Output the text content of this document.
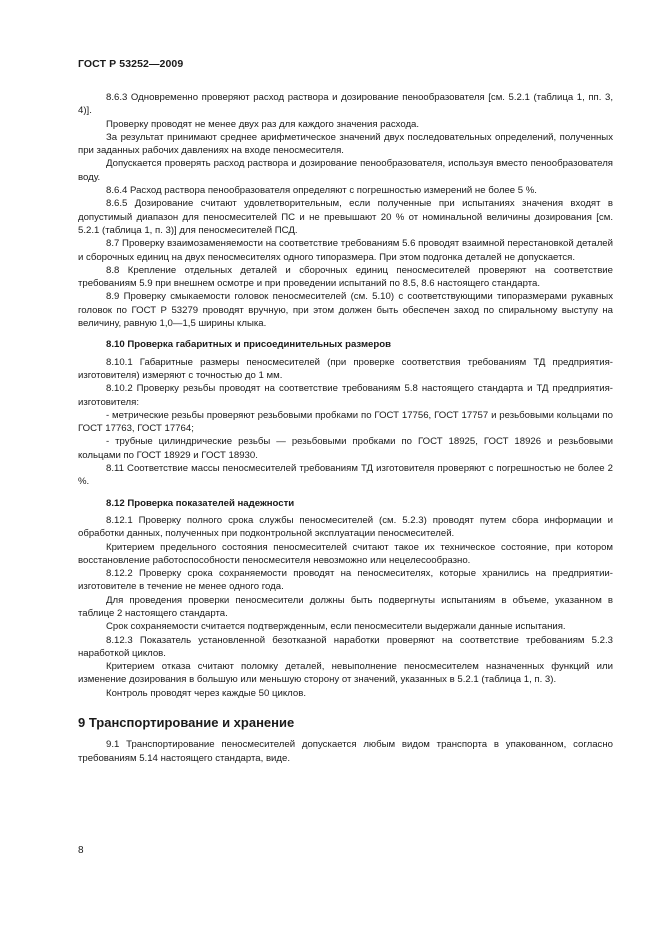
ГОСТ Р 53252—2009

8.6.3 Одновременно проверяют расход раствора и дозирование пенообразователя [см. 5.2.1 (таблица 1, пп. 3, 4)].

Проверку проводят не менее двух раз для каждого значения расхода.

За результат принимают среднее арифметическое значений двух последовательных определений, полученных при заданных рабочих давлениях на входе пеносмесителя.

Допускается проверять расход раствора и дозирование пенообразователя, используя вместо пенообразователя воду.

8.6.4 Расход раствора пенообразователя определяют с погрешностью измерений не более 5 %.

8.6.5 Дозирование считают удовлетворительным, если полученные при испытаниях значения входят в допустимый диапазон для пеносмесителей ПС и не превышают 20 % от номинальной величины дозирования [см. 5.2.1 (таблица 1, п. 3)] для пеносмесителей ПСД.

8.7 Проверку взаимозаменяемости на соответствие требованиям 5.6 проводят взаимной перестановкой деталей и сборочных единиц на двух пеносмесителях одного типоразмера. При этом подгонка деталей не допускается.

8.8 Крепление отдельных деталей и сборочных единиц пеносмесителей проверяют на соответствие требованиям 5.9 при внешнем осмотре и при проведении испытаний по 8.5, 8.6 настоящего стандарта.

8.9 Проверку смыкаемости головок пеносмесителей (см. 5.10) с соответствующими типоразмерами рукавных головок по ГОСТ Р 53279 проводят вручную, при этом должен быть обеспечен заход по спиральному выступу на величину, равную 1,0—1,5 ширины клыка.

8.10 Проверка габаритных и присоединительных размеров

8.10.1 Габаритные размеры пеносмесителей (при проверке соответствия требованиям ТД предприятия-изготовителя) измеряют с точностью до 1 мм.

8.10.2 Проверку резьбы проводят на соответствие требованиям 5.8 настоящего стандарта и ТД предприятия-изготовителя:

- метрические резьбы проверяют резьбовыми пробками по ГОСТ 17756, ГОСТ 17757 и резьбовыми кольцами по ГОСТ 17763, ГОСТ 17764;

- трубные цилиндрические резьбы — резьбовыми пробками по ГОСТ 18925, ГОСТ 18926 и резьбовыми кольцами по ГОСТ 18929 и ГОСТ 18930.

8.11 Соответствие массы пеносмесителей требованиям ТД изготовителя проверяют с погрешностью не более 2 %.

8.12 Проверка показателей надежности

8.12.1 Проверку полного срока службы пеносмесителей (см. 5.2.3) проводят путем сбора информации и обработки данных, полученных при подконтрольной эксплуатации пеносмесителей.

Критерием предельного состояния пеносмесителей считают такое их техническое состояние, при котором восстановление работоспособности пеносмесителя невозможно или нецелесообразно.

8.12.2 Проверку срока сохраняемости проводят на пеносмесителях, которые хранились на предприятии-изготовителе в течение не менее одного года.

Для проведения проверки пеносмесители должны быть подвергнуты испытаниям в объеме, указанном в таблице 2 настоящего стандарта.

Срок сохраняемости считается подтвержденным, если пеносмесители выдержали данные испытания.

8.12.3 Показатель установленной безотказной наработки проверяют на соответствие требованиям 5.2.3 наработкой циклов.

Критерием отказа считают поломку деталей, невыполнение пеносмесителем назначенных функций или изменение дозирования в большую или меньшую сторону от значений, указанных в 5.2.1 (таблица 1, п. 3).

Контроль проводят через каждые 50 циклов.

9 Транспортирование и хранение

9.1 Транспортирование пеносмесителей допускается любым видом транспорта в упакованном, согласно требованиям 5.14 настоящего стандарта, виде.

8
